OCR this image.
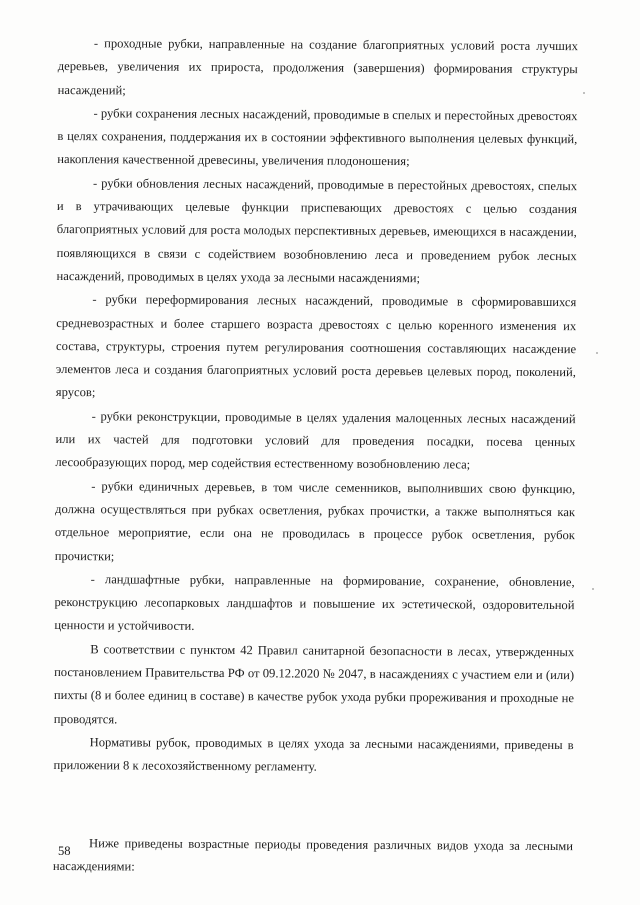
- проходные рубки, направленные на создание благоприятных условий роста лучших деревьев, увеличения их прироста, продолжения (завершения) формирования структуры насаждений;

- рубки сохранения лесных насаждений, проводимые в спелых и перестойных древостоях в целях сохранения, поддержания их в состоянии эффективного выполнения целевых функций, накопления качественной древесины, увеличения плодоношения;

- рубки обновления лесных насаждений, проводимые в перестойных древостоях, спелых и в утрачивающих целевые функции приспевающих древостоях с целью создания благоприятных условий для роста молодых перспективных деревьев, имеющихся в насаждении, появляющихся в связи с содействием возобновлению леса и проведением рубок лесных насаждений, проводимых в целях ухода за лесными насаждениями;

- рубки переформирования лесных насаждений, проводимые в сформировавшихся средневозрастных и более старшего возраста древостоях с целью коренного изменения их состава, структуры, строения путем регулирования соотношения составляющих насаждение элементов леса и создания благоприятных условий роста деревьев целевых пород, поколений, ярусов;

- рубки реконструкции, проводимые в целях удаления малоценных лесных насаждений или их частей для подготовки условий для проведения посадки, посева ценных лесообразующих пород, мер содействия естественному возобновлению леса;

- рубки единичных деревьев, в том числе семенников, выполнивших свою функцию, должна осуществляться при рубках осветления, рубках прочистки, а также выполняться как отдельное мероприятие, если она не проводилась в процессе рубок осветления, рубок прочистки;

- ландшафтные рубки, направленные на формирование, сохранение, обновление, реконструкцию лесопарковых ландшафтов и повышение их эстетической, оздоровительной ценности и устойчивости.

В соответствии с пунктом 42 Правил санитарной безопасности в лесах, утвержденных постановлением Правительства РФ от 09.12.2020 № 2047, в насаждениях с участием ели и (или) пихты (8 и более единиц в составе) в качестве рубок ухода рубки прореживания и проходные не проводятся.

Нормативы рубок, проводимых в целях ухода за лесными насаждениями, приведены в приложении 8 к лесохозяйственному регламенту.

Ниже приведены возрастные периоды проведения различных видов ухода за лесными насаждениями:

58
